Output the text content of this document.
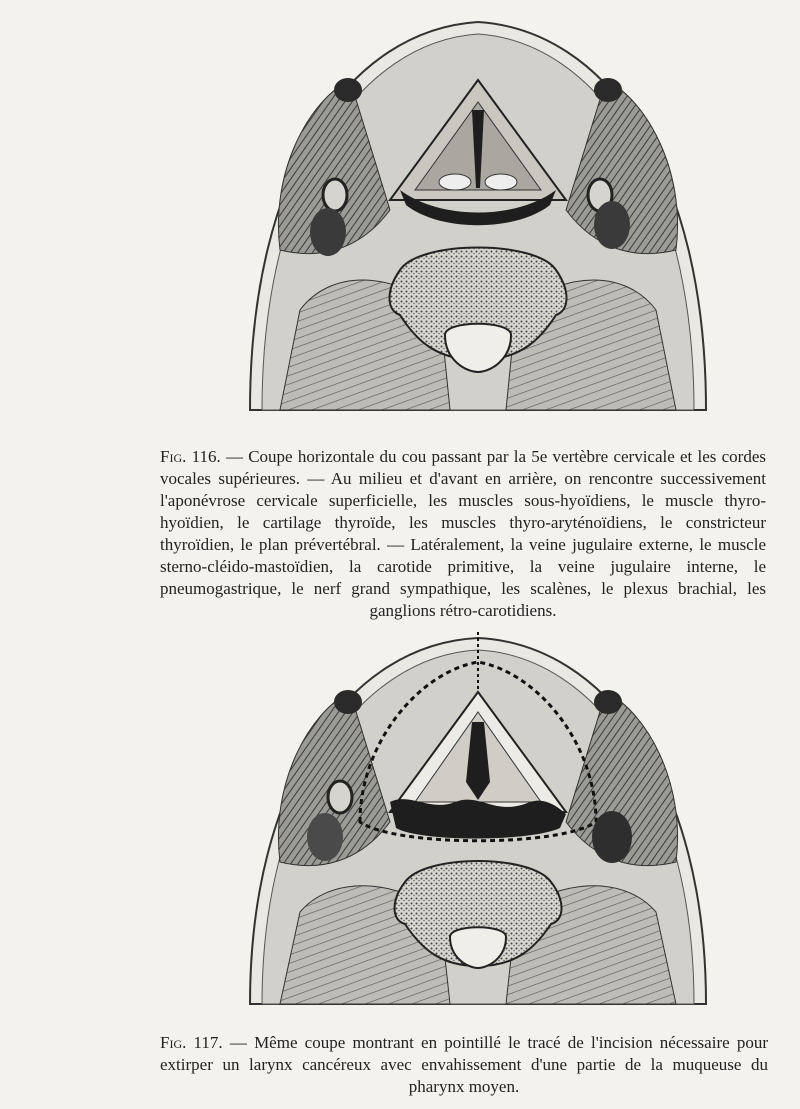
Fig. 116. — Coupe horizontale du cou passant par la 5e vertèbre cervicale et les cordes vocales supérieures. — Au milieu et d'avant en arrière, on rencontre successivement l'aponévrose cervicale superficielle, les muscles sous-hyoïdiens, le muscle thyro-hyoïdien, le cartilage thyroïde, les muscles thyro-aryténoïdiens, le constricteur thyroïdien, le plan prévertébral. — Latéralement, la veine jugulaire externe, le muscle sterno-cléido-mastoïdien, la carotide primitive, la veine jugulaire interne, le pneumogastrique, le nerf grand sympathique, les scalènes, le plexus brachial, les ganglions rétro-carotidiens.

Fig. 117. — Même coupe montrant en pointillé le tracé de l'incision nécessaire pour extirper un larynx cancéreux avec envahissement d'une partie de la muqueuse du pharynx moyen.
